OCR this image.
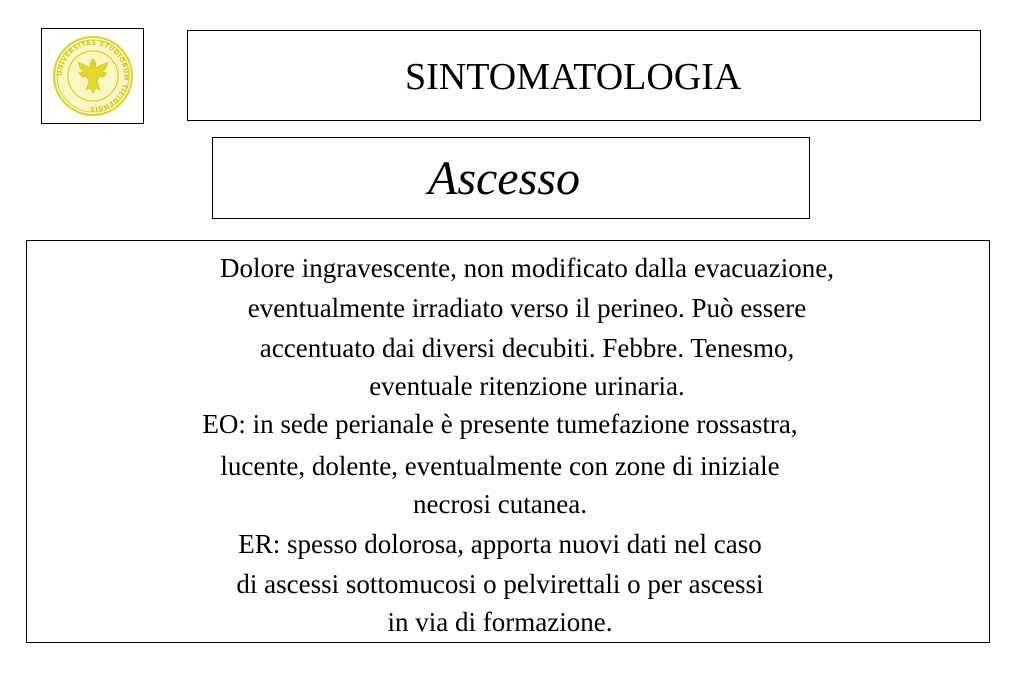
UNIVERSITAS STUDIORUM TICINENSIS
SINTOMATOLOGIA
Ascesso
Dolore ingravescente, non modificato dalla evacuazione,
eventualmente irradiato verso il perineo. Può essere
accentuato dai diversi decubiti. Febbre. Tenesmo,
eventuale ritenzione urinaria.
EO: in sede perianale è presente tumefazione rossastra,
lucente, dolente, eventualmente con zone di iniziale
necrosi cutanea.
ER: spesso dolorosa, apporta nuovi dati nel caso
di ascessi sottomucosi o pelvirettali o per ascessi
in via di formazione.
